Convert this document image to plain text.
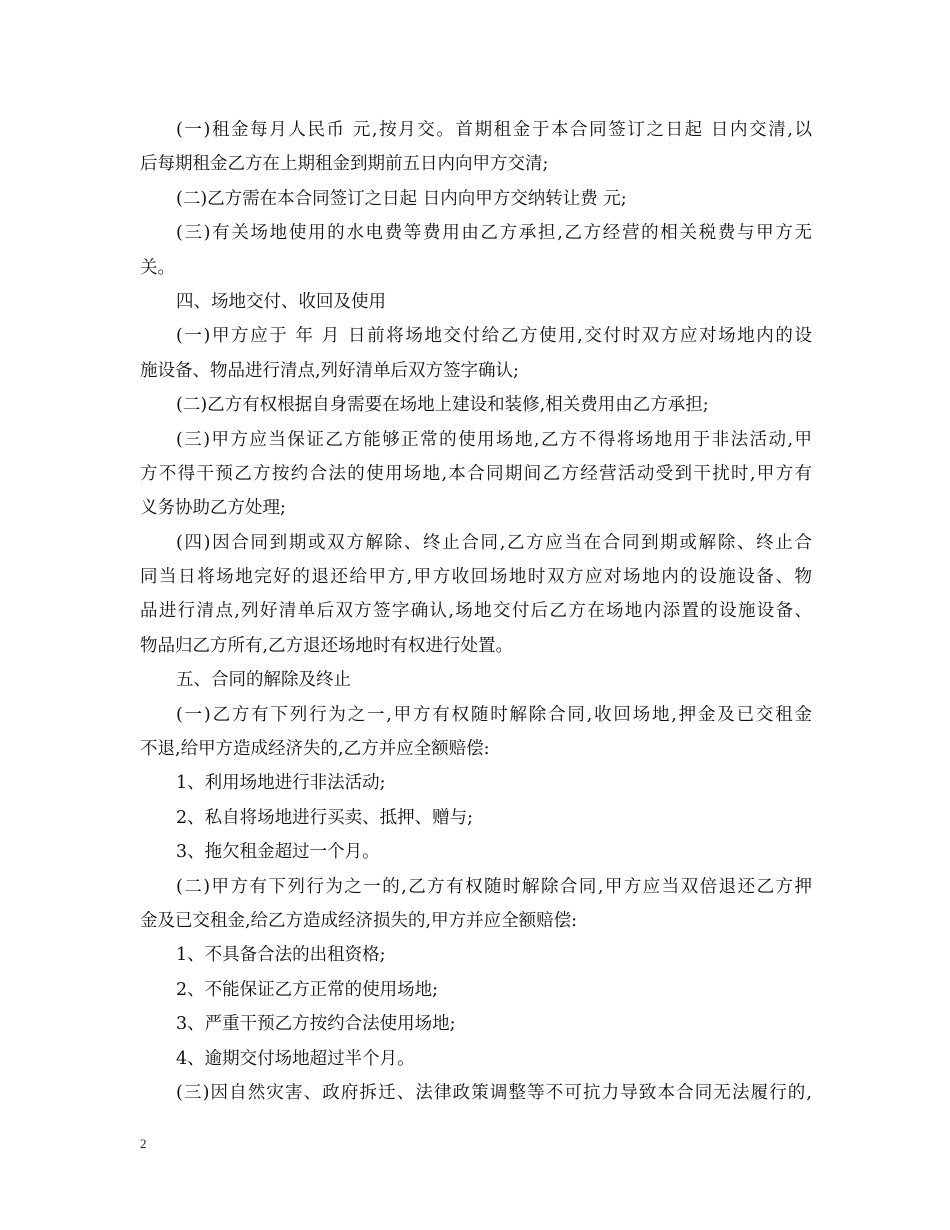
(一)租金每月人民币 元,按月交。首期租金于本合同签订之日起 日内交清,以
后每期租金乙方在上期租金到期前五日内向甲方交清;
(二)乙方需在本合同签订之日起 日内向甲方交纳转让费 元;
(三)有关场地使用的水电费等费用由乙方承担,乙方经营的相关税费与甲方无
关。
四、场地交付、收回及使用
(一)甲方应于 年 月 日前将场地交付给乙方使用,交付时双方应对场地内的设
施设备、物品进行清点,列好清单后双方签字确认;
(二)乙方有权根据自身需要在场地上建设和装修,相关费用由乙方承担;
(三)甲方应当保证乙方能够正常的使用场地,乙方不得将场地用于非法活动,甲
方不得干预乙方按约合法的使用场地,本合同期间乙方经营活动受到干扰时,甲方有
义务协助乙方处理;
(四)因合同到期或双方解除、终止合同,乙方应当在合同到期或解除、终止合
同当日将场地完好的退还给甲方,甲方收回场地时双方应对场地内的设施设备、物
品进行清点,列好清单后双方签字确认,场地交付后乙方在场地内添置的设施设备、
物品归乙方所有,乙方退还场地时有权进行处置。
五、合同的解除及终止
(一)乙方有下列行为之一,甲方有权随时解除合同,收回场地,押金及已交租金
不退,给甲方造成经济失的,乙方并应全额赔偿:
1、利用场地进行非法活动;
2、私自将场地进行买卖、抵押、赠与;
3、拖欠租金超过一个月。
(二)甲方有下列行为之一的,乙方有权随时解除合同,甲方应当双倍退还乙方押
金及已交租金,给乙方造成经济损失的,甲方并应全额赔偿:
1、不具备合法的出租资格;
2、不能保证乙方正常的使用场地;
3、严重干预乙方按约合法使用场地;
4、逾期交付场地超过半个月。
(三)因自然灾害、政府拆迁、法律政策调整等不可抗力导致本合同无法履行的,
2
